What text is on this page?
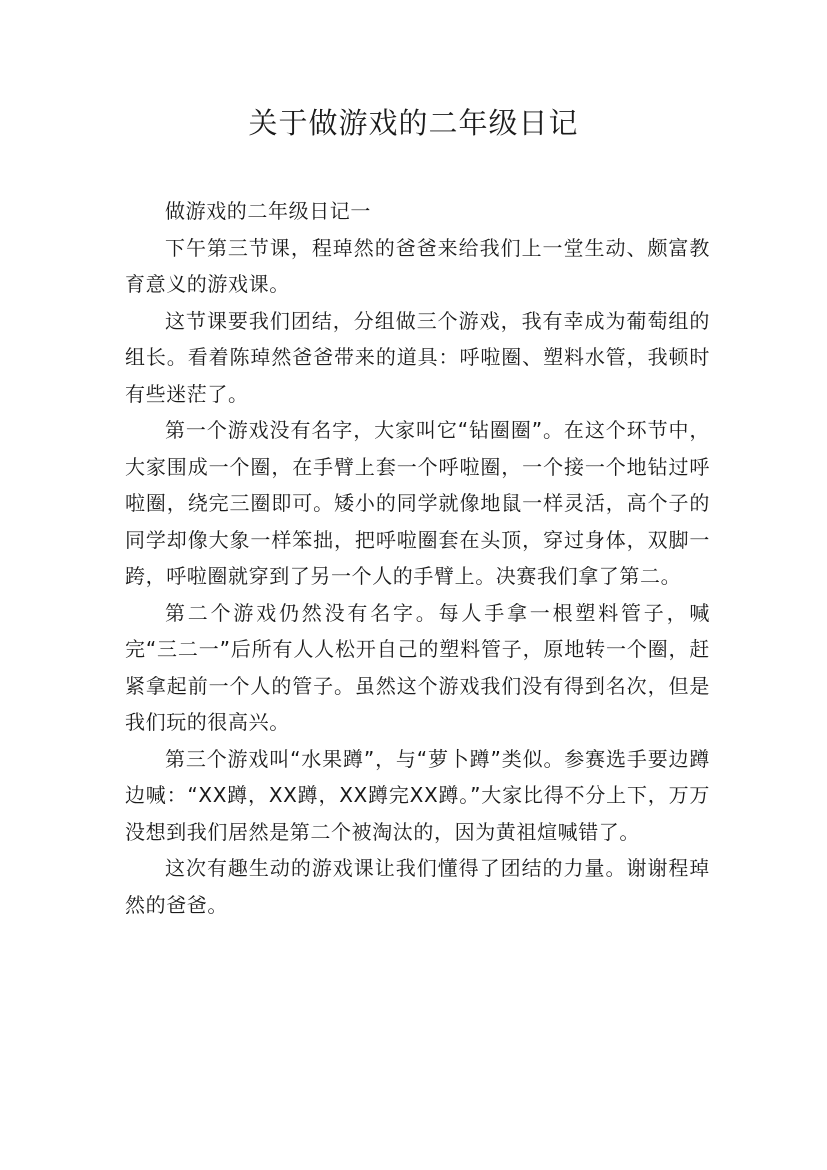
关于做游戏的二年级日记

做游戏的二年级日记一

下午第三节课，程琸然的爸爸来给我们上一堂生动、颇富教育意义的游戏课。

这节课要我们团结，分组做三个游戏，我有幸成为葡萄组的组长。看着陈琸然爸爸带来的道具：呼啦圈、塑料水管，我顿时有些迷茫了。

第一个游戏没有名字，大家叫它“钻圈圈”。在这个环节中，大家围成一个圈，在手臂上套一个呼啦圈，一个接一个地钻过呼啦圈，绕完三圈即可。矮小的同学就像地鼠一样灵活，高个子的同学却像大象一样笨拙，把呼啦圈套在头顶，穿过身体，双脚一跨，呼啦圈就穿到了另一个人的手臂上。决赛我们拿了第二。

第二个游戏仍然没有名字。每人手拿一根塑料管子，喊完“三二一”后所有人人松开自己的塑料管子，原地转一个圈，赶紧拿起前一个人的管子。虽然这个游戏我们没有得到名次，但是我们玩的很高兴。

第三个游戏叫“水果蹲”，与“萝卜蹲”类似。参赛选手要边蹲边喊：“XX蹲，XX蹲，XX蹲完XX蹲。”大家比得不分上下，万万没想到我们居然是第二个被淘汰的，因为黄祖煊喊错了。

这次有趣生动的游戏课让我们懂得了团结的力量。谢谢程琸然的爸爸。
